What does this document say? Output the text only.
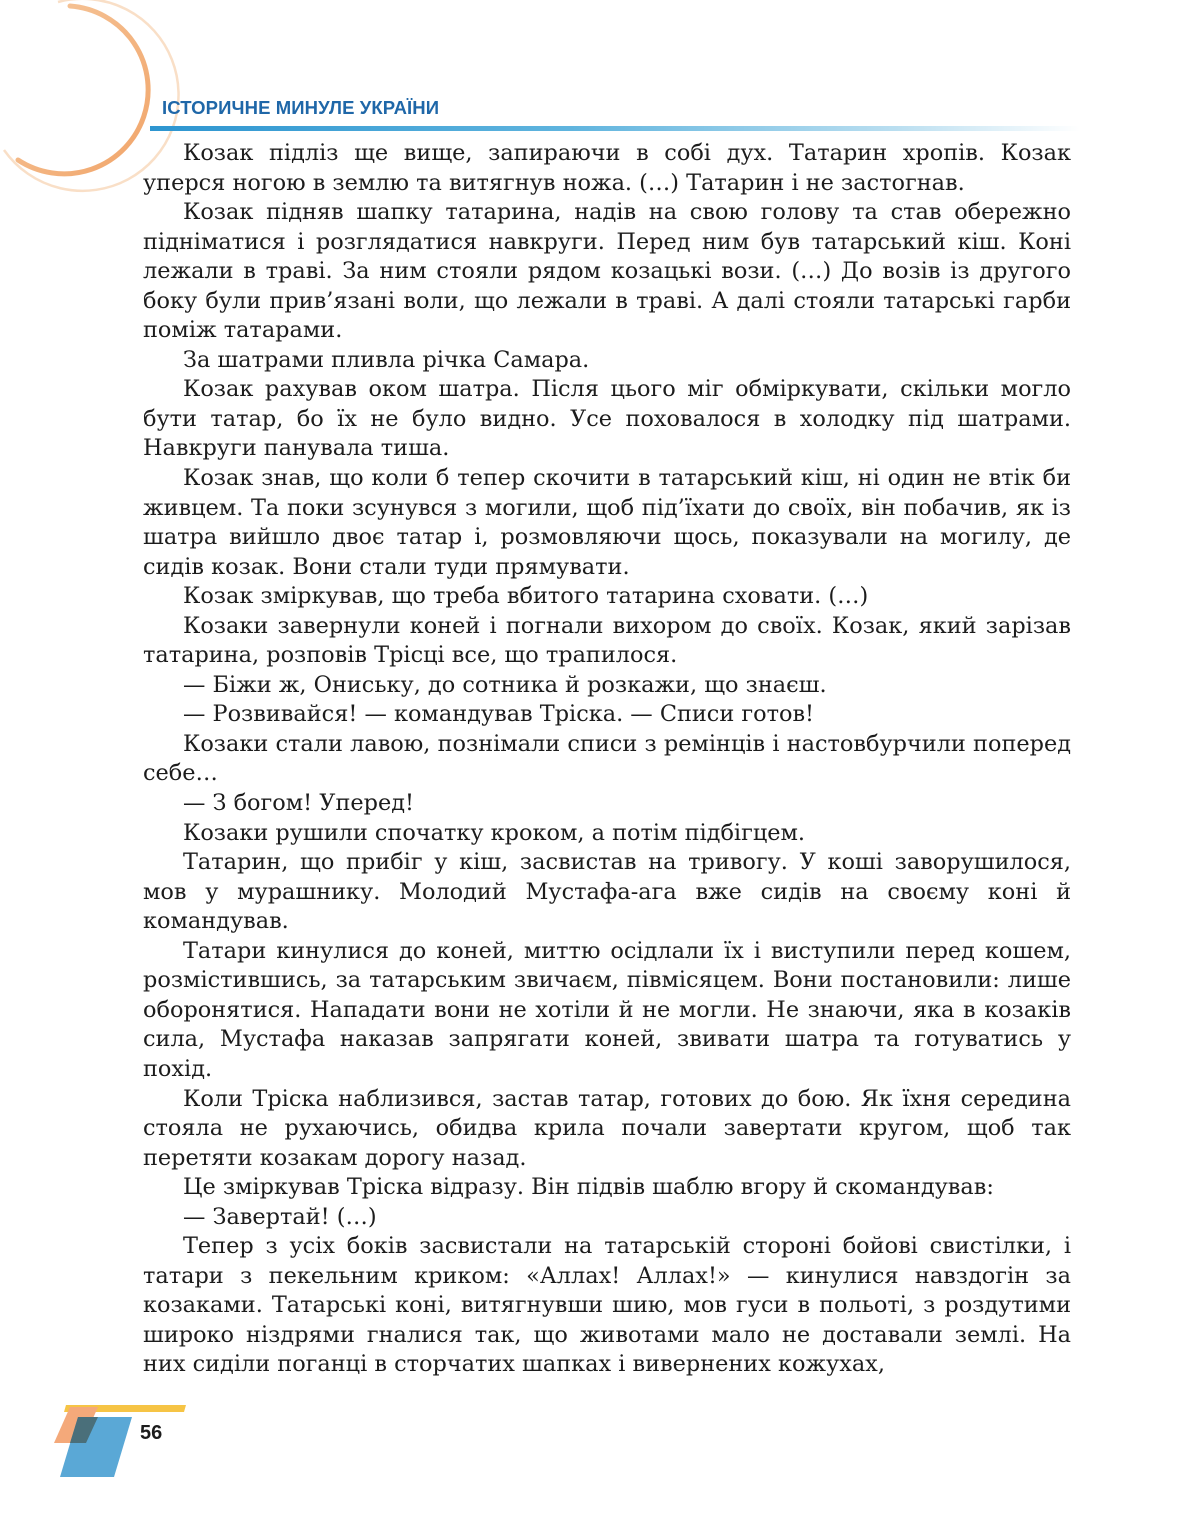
ІСТОРИЧНЕ МИНУЛЕ УКРАЇНИ

Козак підліз ще вище, запираючи в собі дух. Татарин хропів. Козак уперся ногою в землю та витягнув ножа. (…) Татарин і не застогнав.

Козак підняв шапку татарина, надів на свою голову та став обережно підніматися і розглядатися навкруги. Перед ним був татарський кіш. Коні лежали в траві. За ним стояли рядом козацькі вози. (…) До возів із другого боку були прив’язані воли, що лежали в траві. А далі стояли татарські гарби поміж татарами.

За шатрами пливла річка Самара.

Козак рахував оком шатра. Після цього міг обміркувати, скільки могло бути татар, бо їх не було видно. Усе поховалося в холодку під шатрами. Навкруги панувала тиша.

Козак знав, що коли б тепер скочити в татарський кіш, ні один не втік би живцем. Та поки зсунувся з могили, щоб під’їхати до своїх, він побачив, як із шатра вийшло двоє татар і, розмовляючи щось, показували на могилу, де сидів козак. Вони стали туди прямувати.

Козак зміркував, що треба вбитого татарина сховати. (…)

Козаки завернули коней і погнали вихором до своїх. Козак, який зарізав татарина, розповів Трісці все, що трапилося.

— Біжи ж, Ониську, до сотника й розкажи, що знаєш.

— Розвивайся! — командував Тріска. — Списи готов!

Козаки стали лавою, познімали списи з ремінців і настовбурчили поперед себе…

— З богом! Уперед!

Козаки рушили спочатку кроком, а потім підбігцем.

Татарин, що прибіг у кіш, засвистав на тривогу. У коші заворушилося, мов у мурашнику. Молодий Мустафа-ага вже сидів на своєму коні й командував.

Татари кинулися до коней, миттю осідлали їх і виступили перед кошем, розмістившись, за татарським звичаєм, півмісяцем. Вони постановили: лише оборонятися. Нападати вони не хотіли й не могли. Не знаючи, яка в козаків сила, Мустафа наказав запрягати коней, звивати шатра та готуватись у похід.

Коли Тріска наблизився, застав татар, готових до бою. Як їхня середина стояла не рухаючись, обидва крила почали завертати кругом, щоб так перетяти козакам дорогу назад.

Це зміркував Тріска відразу. Він підвів шаблю вгору й скомандував:

— Завертай! (…)

Тепер з усіх боків засвистали на татарській стороні бойові свистілки, і татари з пекельним криком: «Аллах! Аллах!» — кинулися навздогін за козаками. Татарські коні, витягнувши шию, мов гуси в польоті, з роздутими широко ніздрями гналися так, що животами мало не доставали землі. На них сиділи поганці в сторчатих шапках і вивернених кожухах,

56
